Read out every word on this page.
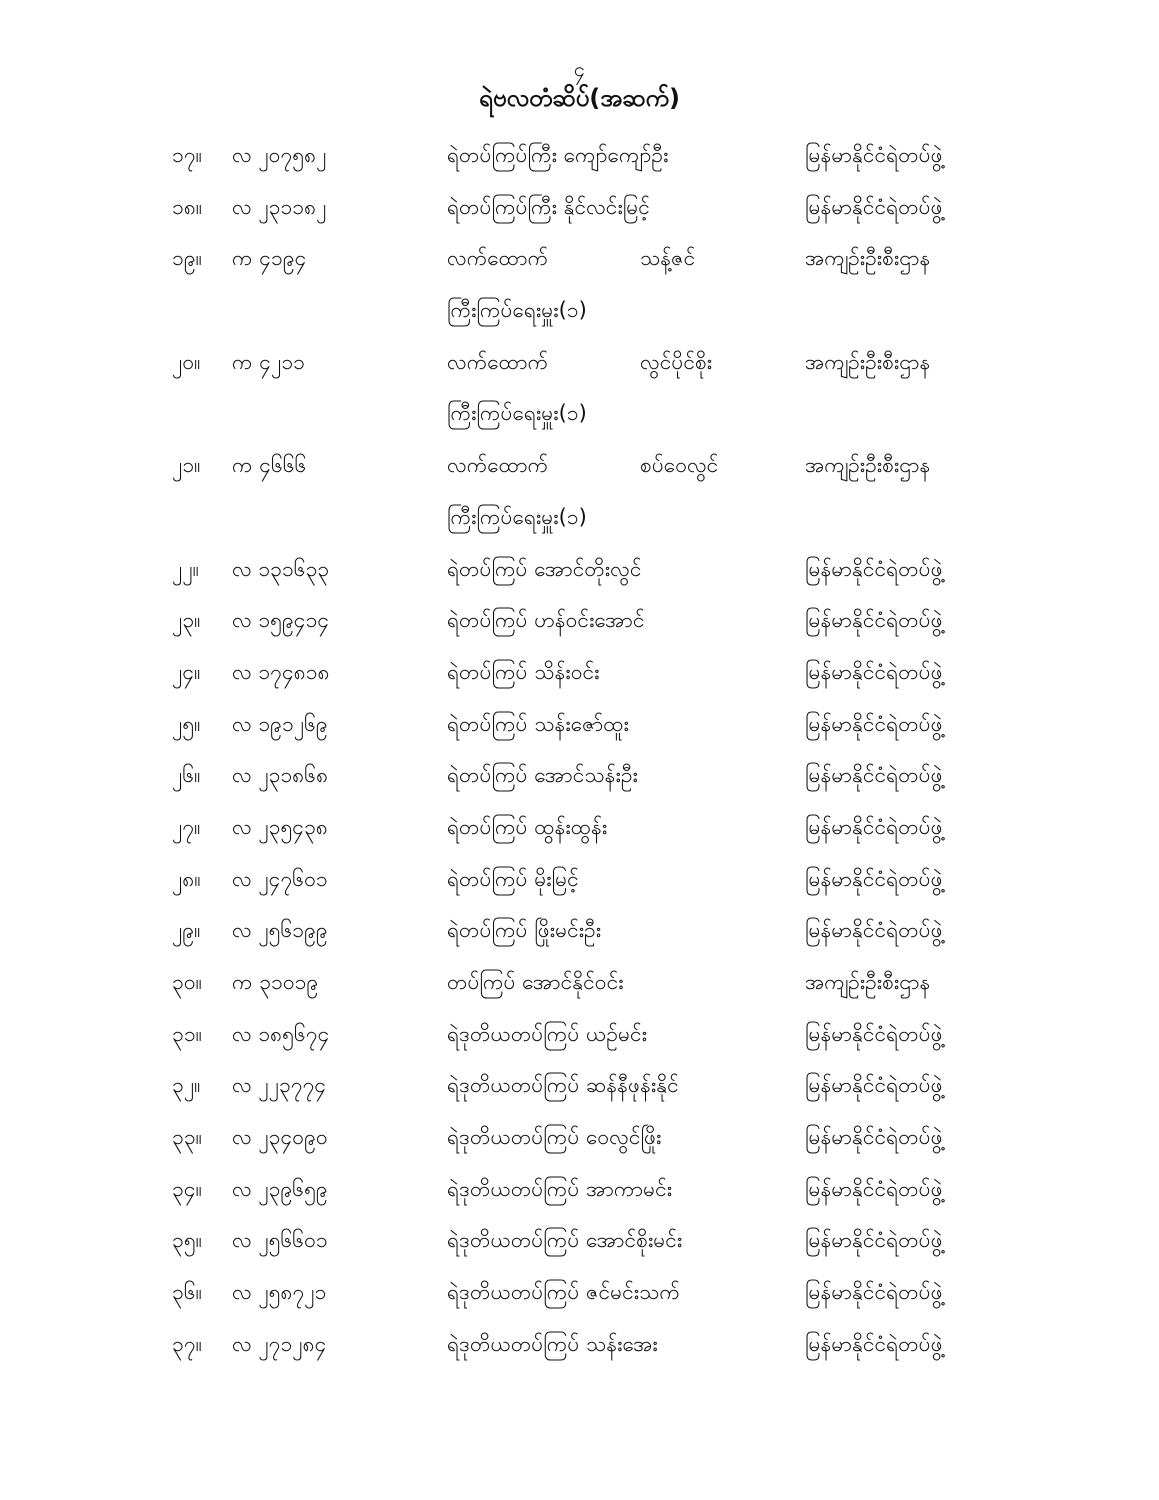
၄
ရဲဗလတံဆိပ်(အဆက်)
၁၇။ လ ၂၀၇၅၈၂	ရဲတပ်ကြပ်ကြီး ကျော်ကျော်ဦး	မြန်မာနိုင်ငံရဲတပ်ဖွဲ့
၁၈။ လ ၂၃၁၁၈၂	ရဲတပ်ကြပ်ကြီး နိုင်လင်းမြင့်	မြန်မာနိုင်ငံရဲတပ်ဖွဲ့
၁၉။ က ၄၁၉၄	လက်ထောက်	သန့်ဇင်	အကျဉ်းဦးစီးဌာန
ကြီးကြပ်ရေးမှူး(၁)
၂၀။ က ၄၂၁၁	လက်ထောက်	လွင်ပိုင်စိုး	အကျဉ်းဦးစီးဌာန
ကြီးကြပ်ရေးမှူး(၁)
၂၁။ က ၄၆၆၆	လက်ထောက်	စပ်ဝေလွင်	အကျဉ်းဦးစီးဌာန
ကြီးကြပ်ရေးမှူး(၁)
၂၂။ လ ၁၃၁၆၃၃	ရဲတပ်ကြပ် အောင်တိုးလွင်	မြန်မာနိုင်ငံရဲတပ်ဖွဲ့
၂၃။ လ ၁၅၉၄၁၄	ရဲတပ်ကြပ် ဟန်ဝင်းအောင်	မြန်မာနိုင်ငံရဲတပ်ဖွဲ့
၂၄။ လ ၁၇၄၈၁၈	ရဲတပ်ကြပ် သိန်းဝင်း	မြန်မာနိုင်ငံရဲတပ်ဖွဲ့
၂၅။ လ ၁၉၁၂၆၉	ရဲတပ်ကြပ် သန်းဇော်ထူး	မြန်မာနိုင်ငံရဲတပ်ဖွဲ့
၂၆။ လ ၂၃၁၈၆၈	ရဲတပ်ကြပ် အောင်သန်းဦး	မြန်မာနိုင်ငံရဲတပ်ဖွဲ့
၂၇။ လ ၂၃၅၄၃၈	ရဲတပ်ကြပ် ထွန်းထွန်း	မြန်မာနိုင်ငံရဲတပ်ဖွဲ့
၂၈။ လ ၂၄၇၆၀၁	ရဲတပ်ကြပ် မိုးမြင့်	မြန်မာနိုင်ငံရဲတပ်ဖွဲ့
၂၉။ လ ၂၅၆၁၉၉	ရဲတပ်ကြပ် ဖြိုးမင်းဦး	မြန်မာနိုင်ငံရဲတပ်ဖွဲ့
၃၀။ က ၃၁၀၁၉	တပ်ကြပ် အောင်နိုင်ဝင်း	အကျဉ်းဦးစီးဌာန
၃၁။ လ ၁၈၅၆၇၄	ရဲဒုတိယတပ်ကြပ် ယဉ်မင်း	မြန်မာနိုင်ငံရဲတပ်ဖွဲ့
၃၂။ လ ၂၂၃၇၇၄	ရဲဒုတိယတပ်ကြပ် ဆန်နီဖုန်းနိုင်	မြန်မာနိုင်ငံရဲတပ်ဖွဲ့
၃၃။ လ ၂၃၄၀၉၀	ရဲဒုတိယတပ်ကြပ် ဝေလွင်ဖြိုး	မြန်မာနိုင်ငံရဲတပ်ဖွဲ့
၃၄။ လ ၂၃၉၆၅၉	ရဲဒုတိယတပ်ကြပ် အာကာမင်း	မြန်မာနိုင်ငံရဲတပ်ဖွဲ့
၃၅။ လ ၂၅၆၆၀၁	ရဲဒုတိယတပ်ကြပ် အောင်စိုးမင်း	မြန်မာနိုင်ငံရဲတပ်ဖွဲ့
၃၆။ လ ၂၅၈၇၂၁	ရဲဒုတိယတပ်ကြပ် ဇင်မင်းသက်	မြန်မာနိုင်ငံရဲတပ်ဖွဲ့
၃၇။ လ ၂၇၁၂၈၄	ရဲဒုတိယတပ်ကြပ် သန်းအေး	မြန်မာနိုင်ငံရဲတပ်ဖွဲ့
